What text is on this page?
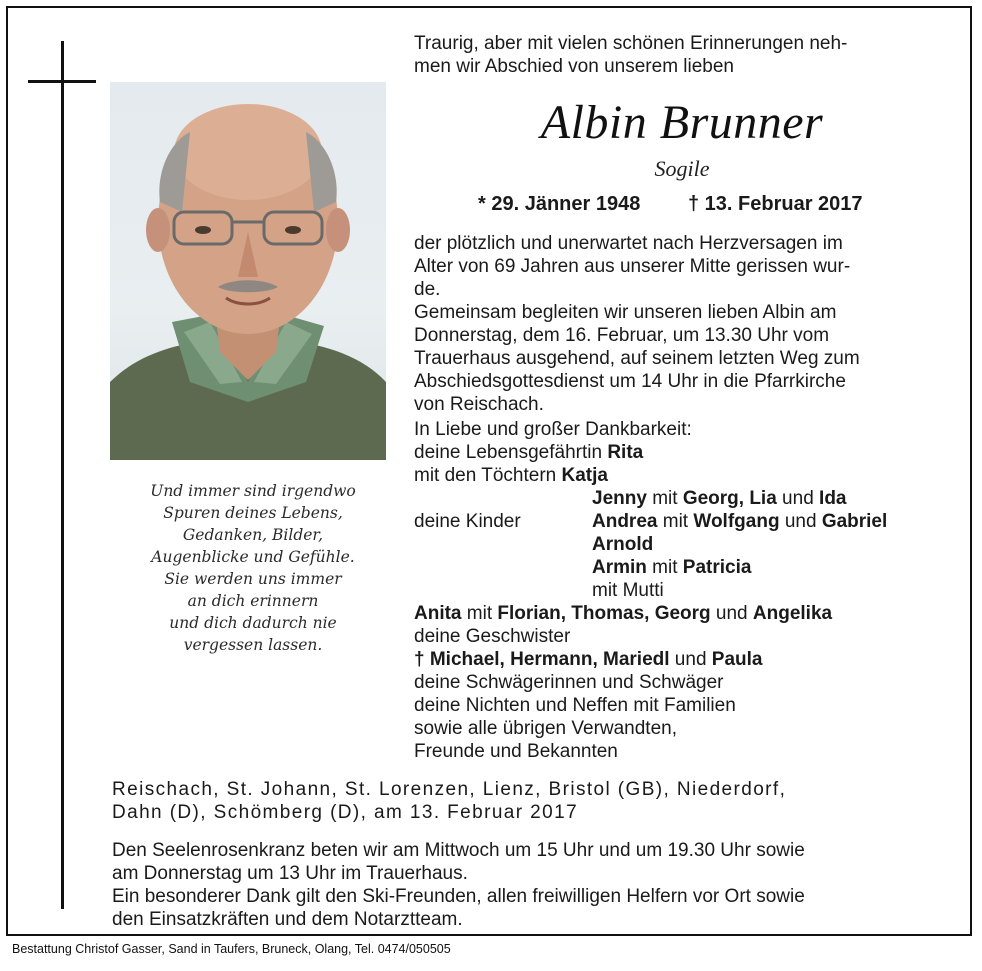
Und immer sind irgendwo
Spuren deines Lebens,
Gedanken, Bilder,
Augenblicke und Gefühle.
Sie werden uns immer
an dich erinnern
und dich dadurch nie
vergessen lassen.
Traurig, aber mit vielen schönen Erinnerungen neh-
men wir Abschied von unserem lieben
Albin Brunner
Sogile
* 29. Jänner 1948 † 13. Februar 2017
der plötzlich und unerwartet nach Herzversagen im
Alter von 69 Jahren aus unserer Mitte gerissen wur-
de.
Gemeinsam begleiten wir unseren lieben Albin am
Donnerstag, dem 16. Februar, um 13.30 Uhr vom
Trauerhaus ausgehend, auf seinem letzten Weg zum
Abschiedsgottesdienst um 14 Uhr in die Pfarrkirche
von Reischach.
In Liebe und großer Dankbarkeit:
deine Lebensgefährtin Rita
mit den Töchtern Katja
Jenny mit Georg, Lia und Ida
deine Kinder	Andrea mit Wolfgang und Gabriel
Arnold
Armin mit Patricia
mit Mutti
Anita mit Florian, Thomas, Georg und Angelika
deine Geschwister
† Michael, Hermann, Mariedl und Paula
deine Schwägerinnen und Schwäger
deine Nichten und Neffen mit Familien
sowie alle übrigen Verwandten,
Freunde und Bekannten
Reischach, St. Johann, St. Lorenzen, Lienz, Bristol (GB), Niederdorf,
Dahn (D), Schömberg (D), am 13. Februar 2017
Den Seelenrosenkranz beten wir am Mittwoch um 15 Uhr und um 19.30 Uhr sowie
am Donnerstag um 13 Uhr im Trauerhaus.
Ein besonderer Dank gilt den Ski-Freunden, allen freiwilligen Helfern vor Ort sowie
den Einsatzkräften und dem Notarztteam.
Bestattung Christof Gasser, Sand in Taufers, Bruneck, Olang, Tel. 0474/050505
